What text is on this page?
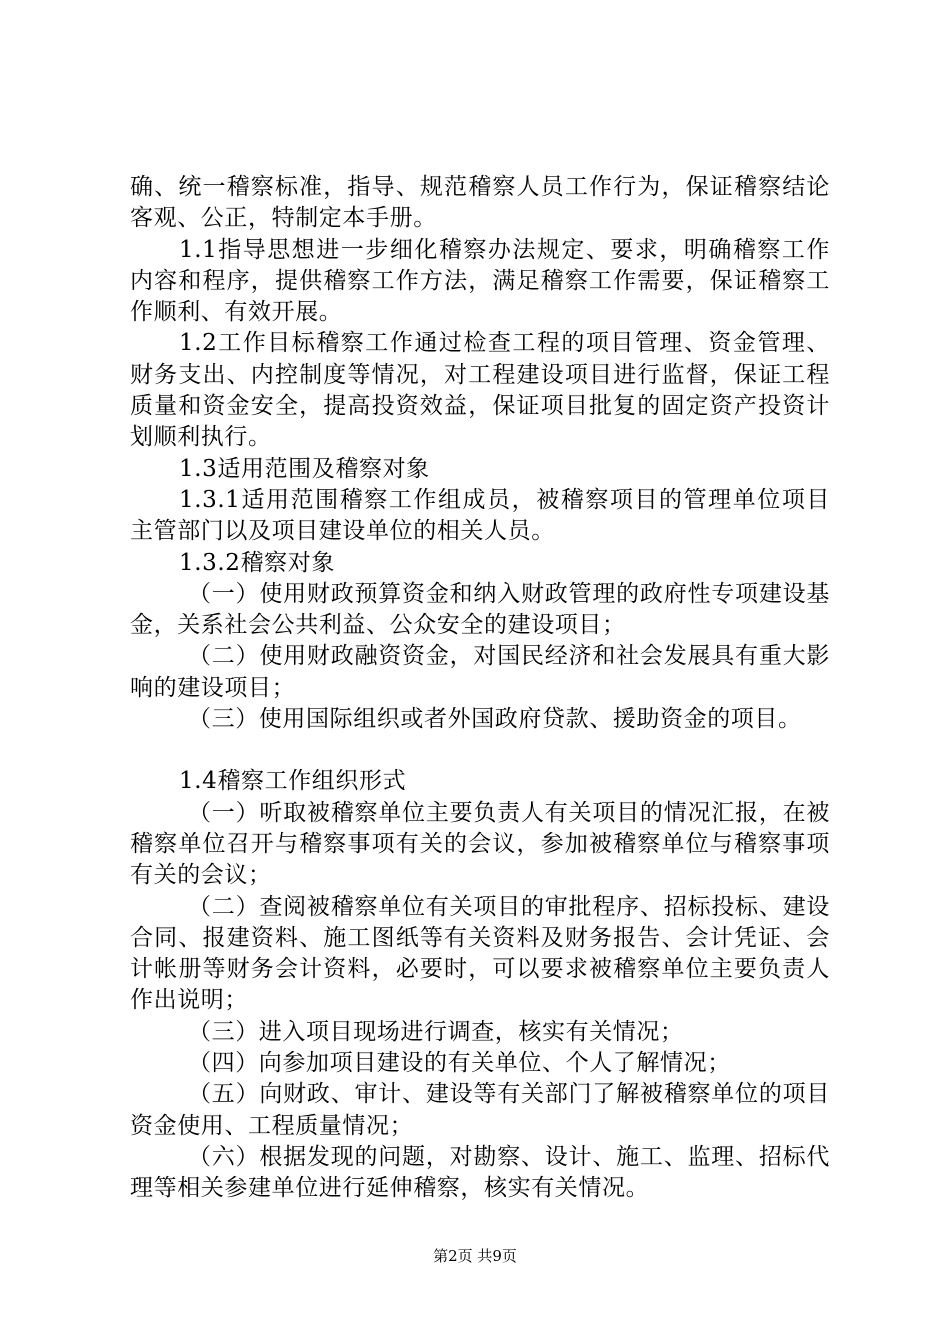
确、统一稽察标准，指导、规范稽察人员工作行为，保证稽察结论客观、公正，特制定本手册。

1.1指导思想进一步细化稽察办法规定、要求，明确稽察工作内容和程序，提供稽察工作方法，满足稽察工作需要，保证稽察工作顺利、有效开展。

1.2工作目标稽察工作通过检查工程的项目管理、资金管理、财务支出、内控制度等情况，对工程建设项目进行监督，保证工程质量和资金安全，提高投资效益，保证项目批复的固定资产投资计划顺利执行。

1.3适用范围及稽察对象

1.3.1适用范围稽察工作组成员，被稽察项目的管理单位项目主管部门以及项目建设单位的相关人员。

1.3.2稽察对象

（一）使用财政预算资金和纳入财政管理的政府性专项建设基金，关系社会公共利益、公众安全的建设项目；

（二）使用财政融资资金，对国民经济和社会发展具有重大影响的建设项目；

（三）使用国际组织或者外国政府贷款、援助资金的项目。

1.4稽察工作组织形式

（一）听取被稽察单位主要负责人有关项目的情况汇报，在被稽察单位召开与稽察事项有关的会议，参加被稽察单位与稽察事项有关的会议；

（二）查阅被稽察单位有关项目的审批程序、招标投标、建设合同、报建资料、施工图纸等有关资料及财务报告、会计凭证、会计帐册等财务会计资料，必要时，可以要求被稽察单位主要负责人作出说明；

（三）进入项目现场进行调查，核实有关情况；

（四）向参加项目建设的有关单位、个人了解情况；

（五）向财政、审计、建设等有关部门了解被稽察单位的项目资金使用、工程质量情况；

（六）根据发现的问题，对勘察、设计、施工、监理、招标代理等相关参建单位进行延伸稽察，核实有关情况。

第2页 共9页
